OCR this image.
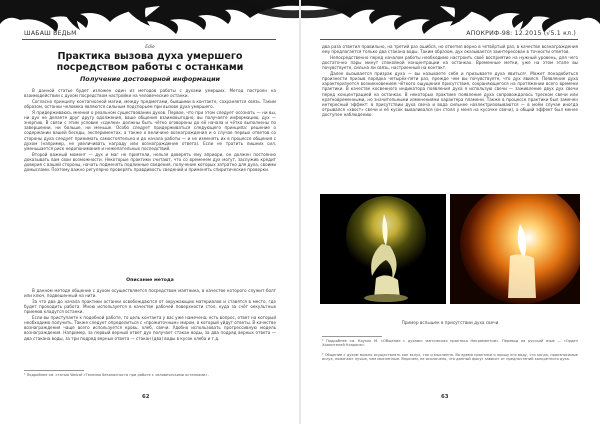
ШАБАШ ВЕДЬМ
Edie
Практика вызова духа умершего посредством работы с останками
Получение достоверной информации

В данной статье будет изложен один из методов работы с духами умерших. Метод построен на взаимодействии с духом посредством настройки на человеческие останки.

Согласно принципу контагиозной магии, между предметами, бывшими в контакте, сохраняется связь. Таким образом, останки человека являются сильным подспорьем при вызове духа умершего.

Я придерживаюсь мнения о реальном существовании духов. Первое, что при этом следует осознать — ни вы, ни дух не делаете друг другу одолжения, ваше общение взаимовыгодно, вы получаете информацию, дух — энергию. В связи с этим условие «сделки» должны быть чётко оговорены до её начала и чётко выполнены по завершении, ни больше, ни меньше. Особо следует придерживаться следующего принципа: решение о содержании вашей беседы, экспериментах, а также о величине вознаграждения и о случае первых ответов со стороны духа следует принимать самостоятельно и до начала работы — и не изменять их в процессе общения с духом (например, не увеличивать награду или вознаграждение ответа). Если не тратить лишних сил, уменьшается риск недопонимания и нежелательных последствий.

Второй важный момент — дух и маг не приятели, нельзя доверять ему априори, он должен постоянно доказывать вам свои возможности. Некоторые практики считают, что со временем дух могут, заслужив кредит доверия с вашей стороны, начать подменять подлинные сведения, получение которых затратно для духа, своими домыслами. Поэтому важно регулярно проверять правдивость сведений и применять спиритические проверки.

Описание метода

В данном методе общение с духом осуществляется посредством маятника, в качестве которого служит болт или ключ, подвешенный на нити.

За что два до начала практики останки освобождаются от окружающих материалов и ставятся в место, где будет проходить работа. Мною используется в качестве рабочей поверхности стол, куда за счёт оккультных приемов кладутся останки.

Если вы приступаете к подобной работе, то цель контакта у вас уже намечена, есть вопрос, ответ на который необходимо получить. Также следует определиться с «прожиточным» миром, в который уйдут ответы. В качестве вознаграждения чаще всего используется кровь, хлеб, свечи. Удобно использовать прогрессивную модель вознаграждения. Например, за первый верный ответ дух получает стакан воды, за два подряд верных ответа — два стакана воды, за три подряд верных ответа — стакан (два) воды в кусок хлеба и т.д.

¹ Подробнее см. статью Walcaf «Техника безопасности при работе с человеческими останками».
62
АПОКРИФ-98: 12.2015 (√5.1 кл.)

два раза ответил правильно, на третий раз ошибся, но ответил верно в четвёртый раз, в качестве вознаграждения ему предлагается только два стакана воды. Таким образом, дух оказывается заинтересован в точности ответов.

Непосредственно перед началом работы необходимо настроить своё восприятие на нужный уровень, для чего достаточно пары минут спокойной концентрации на останках. Временные метки, уже на этом этапе вы почувствуете, сильна ли связь, настроенный на контакт.

Далее вызывается призрак духа — вы называете себя и призываете духа явиться². Может понадобиться произнести призыв порядка четырёх-пяти раз, прежде чем вы почувствуете, что дух явился. Появление духа характеризуется возникновением чёткого ощущения присутствия, сохраняющегося на протяжении всего времени практики. В качестве косвенного индикатора появления духа я использую свечи — заживление двух дух свечи перед концентрацией на останках. В некоторых практике появление духа сопровождалось треском свечи или кратковременными, но значительными изменениями характера пламени. Также в процессе практики был замечен интересный эффект: в присутствии духа свеча и вода сильнее наэлектризовываются — в моём случае иногда отрывался «хвост» свечи и её кусок вываливался (он стоял у меня на кусочке свечи), а общий эффект был менее доступен наблюдению.

Пример вспышек в присутствии духа свечи
² Подробнее см. Коуэлл М. «Общение с духами: магическая практика Некромантии». Перевод на русский язык — «Орден Хранителей Кхарона».
³ Общение с духом можно осуществлять как вслух, так и мысленно. Во время практики я прошу его воду, что когда, произносимые вслух, помогают лучше, чем мысленные. Впрочем, не исключено, что данный фокус зависит от предпочтений конкретного духа.
63
